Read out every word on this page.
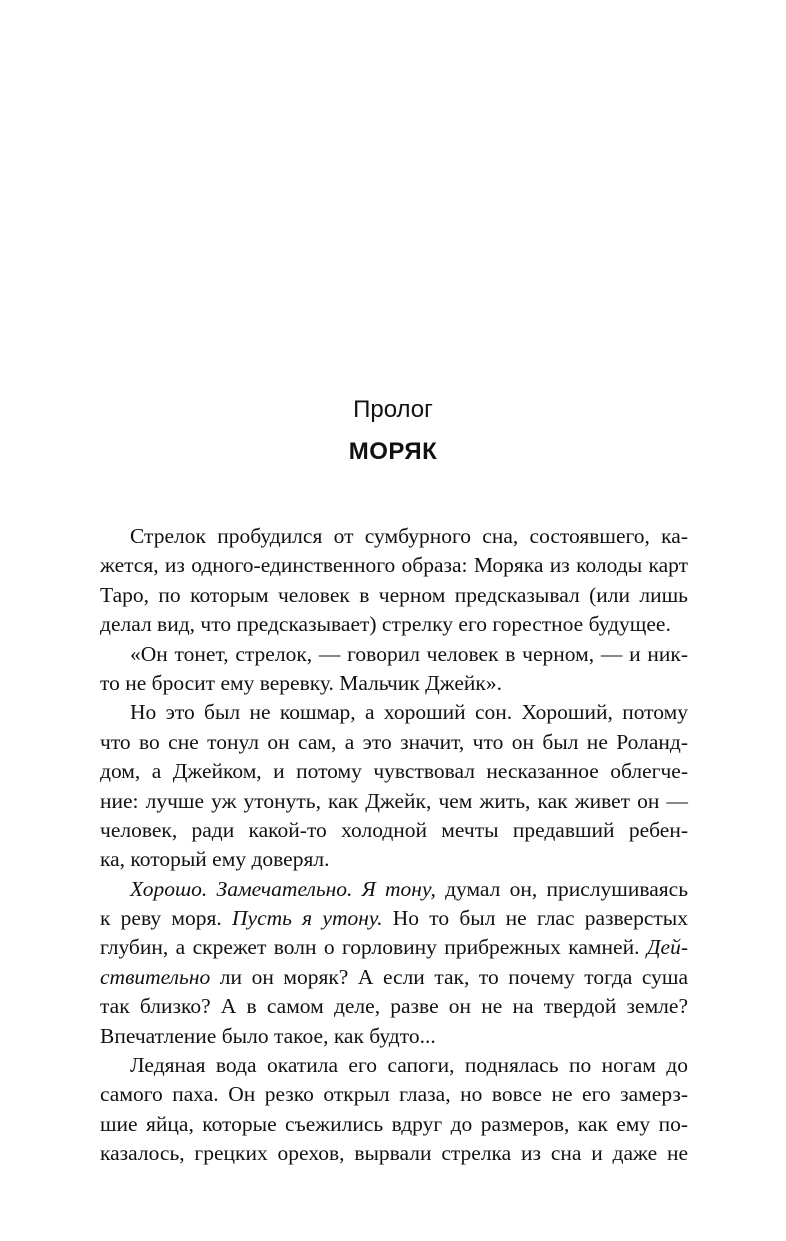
Пролог
МОРЯК
Стрелок пробудился от сумбурного сна, состоявшего, ка-
жется, из одного-единственного образа: Моряка из колоды карт
Таро, по которым человек в черном предсказывал (или лишь
делал вид, что предсказывает) стрелку его горестное будущее.
«Он тонет, стрелок, — говорил человек в черном, — и ник-
то не бросит ему веревку. Мальчик Джейк».
Но это был не кошмар, а хороший сон. Хороший, потому
что во сне тонул он сам, а это значит, что он был не Роланд-
дом, а Джейком, и потому чувствовал несказанное облегче-
ние: лучше уж утонуть, как Джейк, чем жить, как живет он —
человек, ради какой-то холодной мечты предавший ребен-
ка, который ему доверял.
Хорошо. Замечательно. Я тону, думал он, прислушиваясь
к реву моря. Пусть я утону. Но то был не глас разверстых
глубин, а скрежет волн о горловину прибрежных камней. Дей-
ствительно ли он моряк? А если так, то почему тогда суша
так близко? А в самом деле, разве он не на твердой земле?
Впечатление было такое, как будто...
Ледяная вода окатила его сапоги, поднялась по ногам до
самого паха. Он резко открыл глаза, но вовсе не его замерз-
шие яйца, которые съежились вдруг до размеров, как ему по-
казалось, грецких орехов, вырвали стрелка из сна и даже не
